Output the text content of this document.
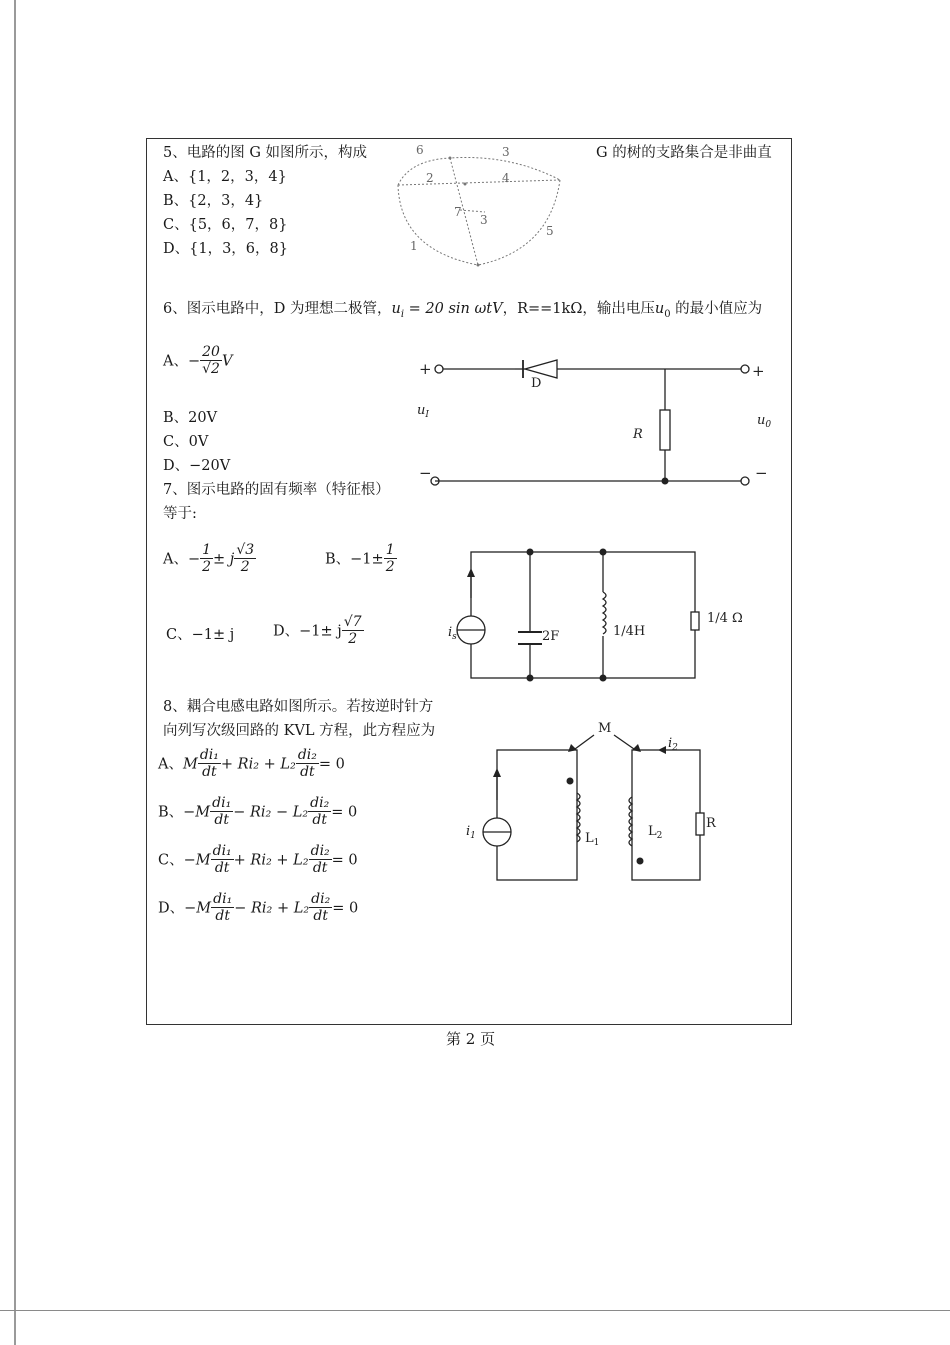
5、电路的图 G 如图所示，构成	G 的树的支路集合是非曲直
A、{1，2，3，4}
B、{2，3，4}
C、{5，6，7，8}
D、{1，3，6，8}
6	3
2	4
7
3
5
1
6、图示电路中，D 为理想二极管，$u_i = 20$ sin ωtV，R==1kΩ，输出电压$u_0$ 的最小值应为
A、− $\frac{20}{√2}$ V
B、20V
C、0V
D、−20V
+	+
−	−
D
$u_I$
R
$u_0$
7、图示电路的固有频率（特征根）
等于:
A、− $\frac{1}{2} \pm j \frac{√3}{2}$	B、$-1\pm \frac{1}{2}$
C、−1± j	D、−1± j $\frac{√7}{2}$	$i_s$	2F	1/4H
1/4 Ω
8、耦合电感电路如图所示。若按逆时针方
向列写次级回路的 KVL 方程，此方程应为
A、M $\frac{\text{di₁}}{dt} + Ri_2 + L_2 \frac{\text{di₂}}{dt} = 0$
B、$-M \frac{\text{di₁}}{dt} - Ri_2 - L_2 \frac{\text{di₂}}{dt} = 0$
C、$-M \frac{\text{di₁}}{dt} + Ri_2 + L_2 \frac{\text{di₂}}{dt} = 0$
D、$-M \frac{\text{di₁}}{dt} - Ri_2 + L_2 \frac{\text{di₂}}{dt} = 0$
M
$i_1$
$i_2$
$L_1$
$L_2$
R
第 2 页
